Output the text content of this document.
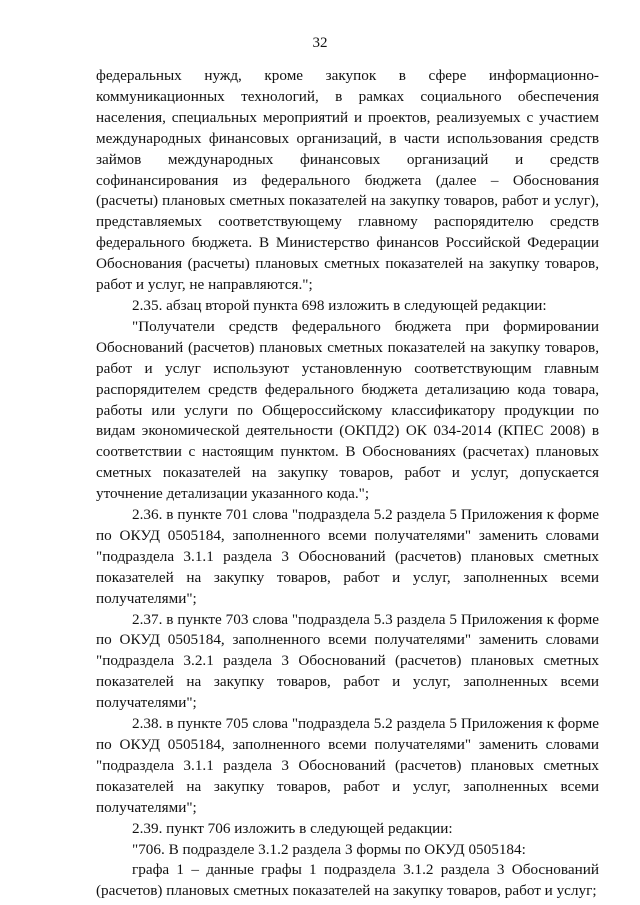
32

федеральных нужд, кроме закупок в сфере информационно-коммуникационных технологий, в рамках социального обеспечения населения, специальных мероприятий и проектов, реализуемых с участием международных финансовых организаций, в части использования средств займов международных финансовых организаций и средств софинансирования из федерального бюджета (далее – Обоснования (расчеты) плановых сметных показателей на закупку товаров, работ и услуг), представляемых соответствующему главному распорядителю средств федерального бюджета. В Министерство финансов Российской Федерации Обоснования (расчеты) плановых сметных показателей на закупку товаров, работ и услуг, не направляются.";

2.35. абзац второй пункта 698 изложить в следующей редакции:

"Получатели средств федерального бюджета при формировании Обоснований (расчетов) плановых сметных показателей на закупку товаров, работ и услуг используют установленную соответствующим главным распорядителем средств федерального бюджета детализацию кода товара, работы или услуги по Общероссийскому классификатору продукции по видам экономической деятельности (ОКПД2) ОК 034-2014 (КПЕС 2008) в соответствии с настоящим пунктом. В Обоснованиях (расчетах) плановых сметных показателей на закупку товаров, работ и услуг, допускается уточнение детализации указанного кода.";

2.36. в пункте 701 слова "подраздела 5.2 раздела 5 Приложения к форме по ОКУД 0505184, заполненного всеми получателями" заменить словами "подраздела 3.1.1 раздела 3 Обоснований (расчетов) плановых сметных показателей на закупку товаров, работ и услуг, заполненных всеми получателями";

2.37. в пункте 703 слова "подраздела 5.3 раздела 5 Приложения к форме по ОКУД 0505184, заполненного всеми получателями" заменить словами "подраздела 3.2.1 раздела 3 Обоснований (расчетов) плановых сметных показателей на закупку товаров, работ и услуг, заполненных всеми получателями";

2.38. в пункте 705 слова "подраздела 5.2 раздела 5 Приложения к форме по ОКУД 0505184, заполненного всеми получателями" заменить словами "подраздела 3.1.1 раздела 3 Обоснований (расчетов) плановых сметных показателей на закупку товаров, работ и услуг, заполненных всеми получателями";

2.39. пункт 706 изложить в следующей редакции:

"706. В подразделе 3.1.2 раздела 3 формы по ОКУД 0505184:

графа 1 – данные графы 1 подраздела 3.1.2 раздела 3 Обоснований (расчетов) плановых сметных показателей на закупку товаров, работ и услуг;
